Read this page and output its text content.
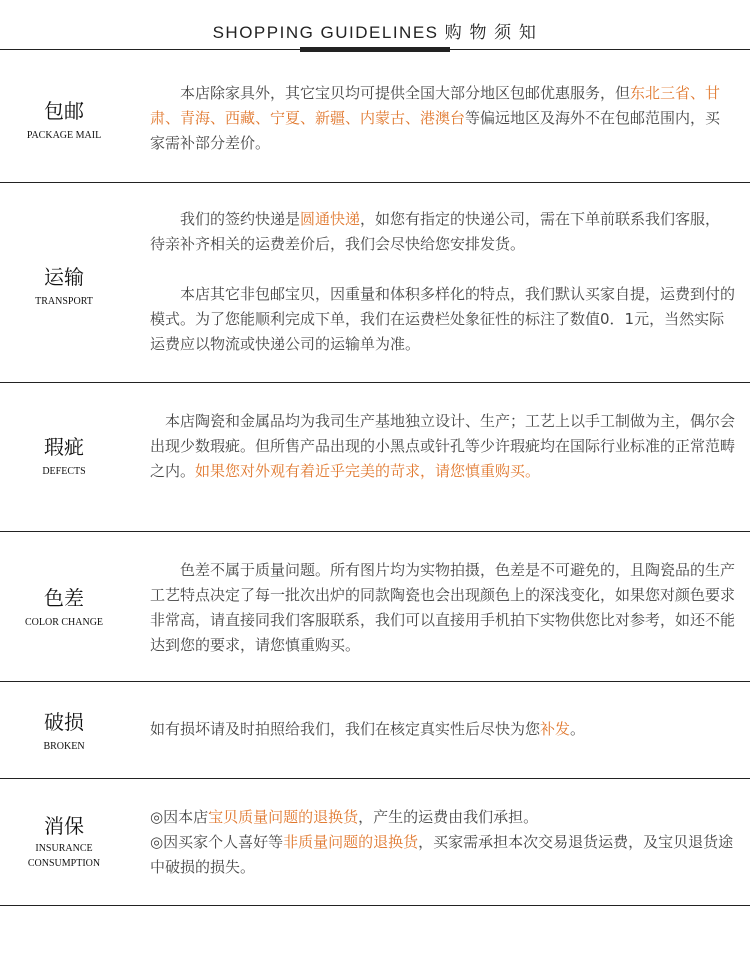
SHOPPING GUIDELINES 购 物 须 知
包邮
PACKAGE MAIL

　　本店除家具外，其它宝贝均可提供全国大部分地区包邮优惠服务，但东北三省、甘肃、青海、西藏、宁夏、新疆、内蒙古、港澳台等偏远地区及海外不在包邮范围内，买家需补部分差价。

运输
TRANSPORT

　　我们的签约快递是圆通快递，如您有指定的快递公司，需在下单前联系我们客服，待亲补齐相关的运费差价后，我们会尽快给您安排发货。

　　本店其它非包邮宝贝，因重量和体积多样化的特点，我们默认买家自提，运费到付的模式。为了您能顺利完成下单，我们在运费栏处象征性的标注了数值0．1元，当然实际运费应以物流或快递公司的运输单为准。

瑕疵
DEFECTS

　本店陶瓷和金属品均为我司生产基地独立设计、生产；工艺上以手工制做为主，偶尔会出现少数瑕疵。但所售产品出现的小黑点或针孔等少许瑕疵均在国际行业标准的正常范畴之内。如果您对外观有着近乎完美的苛求，请您慎重购买。

色差
COLOR CHANGE

　　色差不属于质量问题。所有图片均为实物拍摄，色差是不可避免的，且陶瓷品的生产工艺特点决定了每一批次出炉的同款陶瓷也会出现颜色上的深浅变化，如果您对颜色要求非常高，请直接同我们客服联系，我们可以直接用手机拍下实物供您比对参考，如还不能达到您的要求，请您慎重购买。

破损
BROKEN

如有损坏请及时拍照给我们，我们在核定真实性后尽快为您补发。

消保
INSURANCE
CONSUMPTION

◎因本店宝贝质量问题的退换货，产生的运费由我们承担。

◎因买家个人喜好等非质量问题的退换货，买家需承担本次交易退货运费，及宝贝退货途中破损的损失。
